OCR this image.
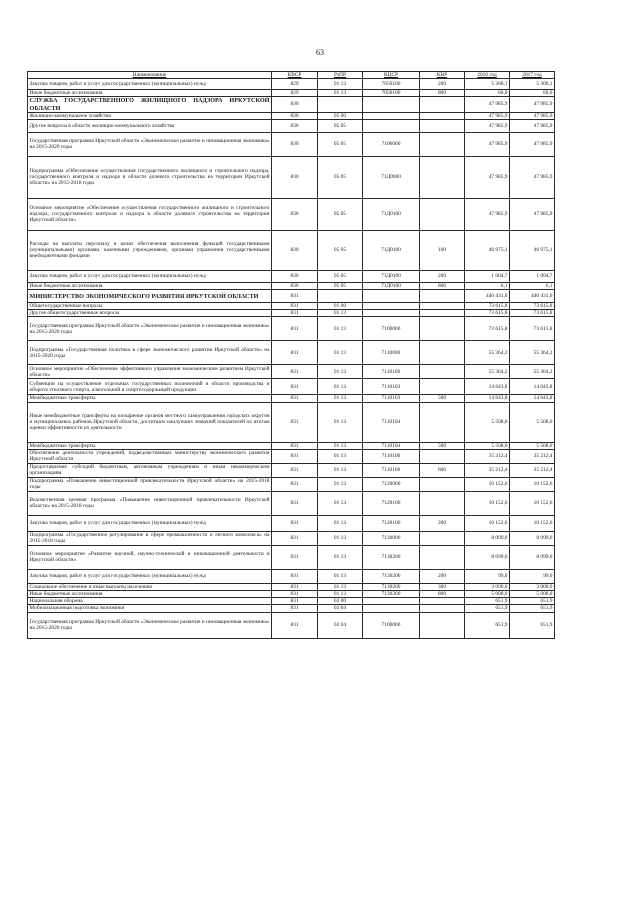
63
Наименование	КВСР	РзПР	КЦСР	КВР	2016 год	2017 год
Закупка товаров, работ и услуг для государственных (муниципальных) нужд	829	01 13	7050100	200	5 300,1	5 300,1
Иные бюджетные ассигнования	829	01 13	7050100	800	60,0	60,0
СЛУЖБА ГОСУДАРСТВЕННОГО ЖИЛИЩНОГО НАДЗОРА ИРКУТСКОЙ ОБЛАСТИ	830				47 985,9	47 985,9
Жилищно-коммунальное хозяйство	830	05 00			47 985,9	47 985,9
Другие вопросы в области жилищно-коммунального хозяйства	830	05 05			47 985,9	47 985,9
Государственная программа Иркутской области «Экономическое развитие и инновационная экономика» на 2015-2020 годы	830	05 05	7100000		47 985,9	47 985,9
Подпрограмма «Обеспечение осуществления государственного жилищного и строительного надзора, государственного контроля и надзора в области долевого строительства на территории Иркутской области» на 2015-2018 годы	830	05 05	71Д0000		47 985,9	47 985,9
Основное мероприятие «Обеспечение осуществления государственного жилищного и строительного надзора, государственного контроля и надзора в области долевого строительства на территории Иркутской области»	830	05 05	71Д0100		47 985,9	47 985,9
Расходы на выплаты персоналу в целях обеспечения выполнения функций государственными (муниципальными) органами, казенными учреждениями, органами управления государственными внебюджетными фондами	830	05 05	71Д0100	100	46 975,1	46 975,1
Закупка товаров, работ и услуг для государственных (муниципальных) нужд	830	05 05	71Д0100	200	1 004,7	1 004,7
Иные бюджетные ассигнования	830	05 05	71Д0100	800	6,1	6,1
МИНИСТЕРСТВО ЭКОНОМИЧЕСКОГО РАЗВИТИЯ ИРКУТСКОЙ ОБЛАСТИ	831				440 431,0	440 431,0
Общегосударственные вопросы	831	01 00			73 615,8	73 615,8
Другие общегосударственные вопросы	831	01 13			73 615,8	73 615,8
Государственная программа Иркутской области «Экономическое развитие и инновационная экономика» на 2015-2020 годы	831	01 13	7100000		73 615,8	73 615,8
Подпрограмма «Государственная политика в сфере экономического развития Иркутской области» на 2015-2020 годы	831	01 13	7110000		55 364,2	55 364,2
Основное мероприятие «Обеспечение эффективного управления экономическим развитием Иркутской области»	831	01 13	7110100		55 364,2	55 364,2
Субвенции на осуществление отдельных государственных полномочий в области производства и оборота этилового спирта, алкогольной и спиртосодержащей продукции	831	01 13	7110103		14 643,8	14 643,8
Межбюджетные трансферты	831	01 13	7110103	500	14 643,8	14 643,8
Иные межбюджетные трансферты на поощрение органов местного самоуправления городских округов и муниципальных районов Иркутской области, достигших наилучших значений показателей по итогам оценки эффективности их деятельности	831	01 13	7110104		5 508,0	5 508,0
Межбюджетные трансферты	831	01 13	7110104	500	5 508,0	5 508,0
Обеспечение деятельности учреждений, подведомственных министерству экономического развития Иркутской области	831	01 13	7110106		35 212,4	35 212,4
Предоставление субсидий бюджетным, автономным учреждениям и иным некоммерческим организациям	831	01 13	7110106	600	35 212,4	35 212,4
Подпрограмма «Повышение инвестиционной привлекательности Иркутской области» на 2015-2018 годы	831	01 13	7120000		10 152,6	10 152,6
Ведомственная целевая программа «Повышение инвестиционной привлекательности Иркутской области» на 2015-2018 годы	831	01 13	7120100		10 152,6	10 152,6
Закупка товаров, работ и услуг для государственных (муниципальных) нужд	831	01 13	7120100	200	10 152,6	10 152,6
Подпрограмма «Государственное регулирование в сфере промышленности и лесного комплекса» на 2015-2018 годы	831	01 13	7130000		8 099,0	8 099,0
Основное мероприятие «Развитие научной, научно-технической и инновационной деятельности в Иркутской области»	831	01 13	7130200		8 099,0	8 099,0
Закупка товаров, работ и услуг для государственных (муниципальных) нужд	831	01 13	7130200	200	99,0	99,0
Социальное обеспечение и иные выплаты населению	831	01 13	7130200	300	3 000,0	3 000,0
Иные бюджетные ассигнования	831	01 13	7130200	800	5 000,0	5 000,0
Национальная оборона	831	02 00			651,9	651,9
Мобилизационная подготовка экономики	831	02 04			651,9	651,9
Государственная программа Иркутской области «Экономическое развитие и инновационная экономика» на 2015-2020 годы	831	02 04	7100000		651,9	651,9
